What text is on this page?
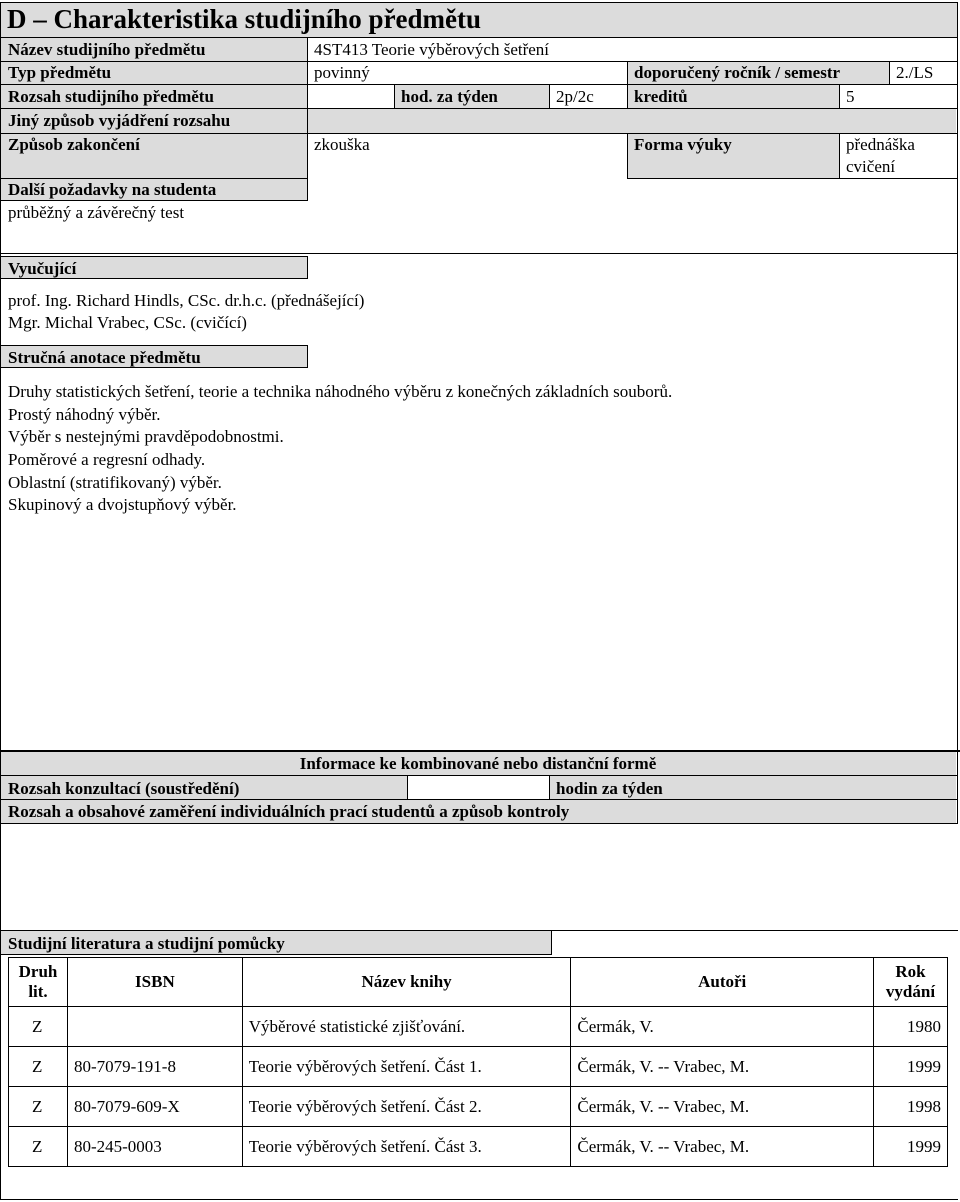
D – Charakteristika studijního předmětu
Název studijního předmětu	4ST413 Teorie výběrových šetření
Typ předmětu	povinný	doporučený ročník / semestr	2./LS
Rozsah studijního předmětu	hod. za týden	2p/2c	kreditů	5
Jiný způsob vyjádření rozsahu
Způsob zakončení	zkouška	Forma výuky	přednáška
cvičení
Další požadavky na studenta
průběžný a závěrečný test
Vyučující
prof. Ing. Richard Hindls, CSc. dr.h.c. (přednášející)
Mgr. Michal Vrabec, CSc. (cvičící)
Stručná anotace předmětu
Druhy statistických šetření, teorie a technika náhodného výběru z konečných základních souborů.
Prostý náhodný výběr.
Výběr s nestejnými pravděpodobnostmi.
Poměrové a regresní odhady.
Oblastní (stratifikovaný) výběr.
Skupinový a dvojstupňový výběr.
Informace ke kombinované nebo distanční formě
Rozsah konzultací (soustředění)	hodin za týden
Rozsah a obsahové zaměření individuálních prací studentů a způsob kontroly
Studijní literatura a studijní pomůcky
Druh
lit.	ISBN	Název knihy	Autoři	Rok
vydání
Z		Výběrové statistické zjišťování.	Čermák, V.	1980
Z	80-7079-191-8	Teorie výběrových šetření. Část 1.	Čermák, V. -- Vrabec, M.	1999
Z	80-7079-609-X	Teorie výběrových šetření. Část 2.	Čermák, V. -- Vrabec, M.	1998
Z	80-245-0003	Teorie výběrových šetření. Část 3.	Čermák, V. -- Vrabec, M.	1999
